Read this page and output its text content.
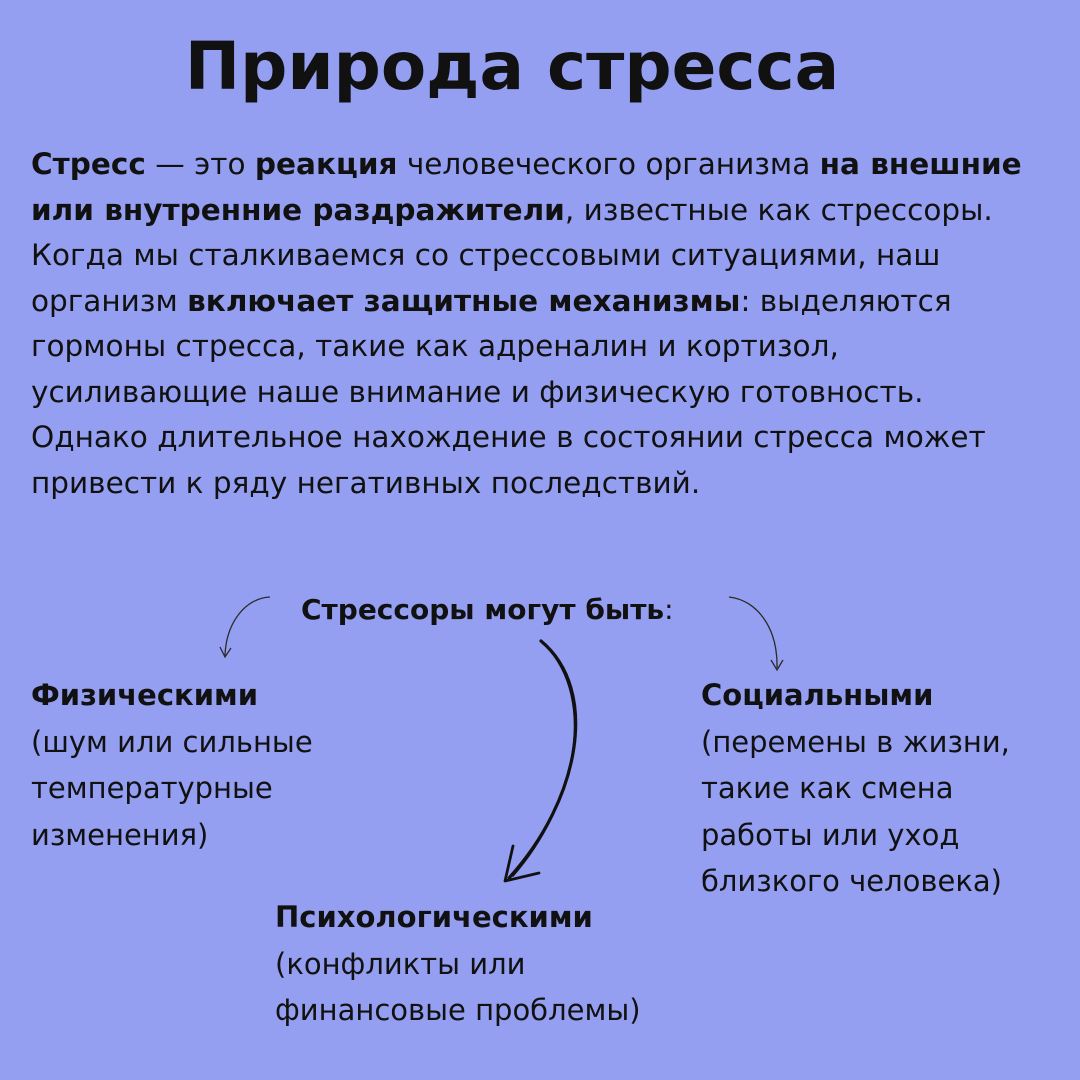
Природа стресса
Стресс — это реакция человеческого организма на внешние или внутренние раздражители, известные как стрессоры.
Когда мы сталкиваемся со стрессовыми ситуациями, наш организм включает защитные механизмы: выделяются гормоны стресса, такие как адреналин и кортизол, усиливающие наше внимание и физическую готовность.
Однако длительное нахождение в состоянии стресса может привести к ряду негативных последствий.
Стрессоры могут быть:
Физическими
(шум или сильные температурные изменения)
Социальными
(перемены в жизни, такие как смена работы или уход близкого человека)
Психологическими
(конфликты или финансовые проблемы)
